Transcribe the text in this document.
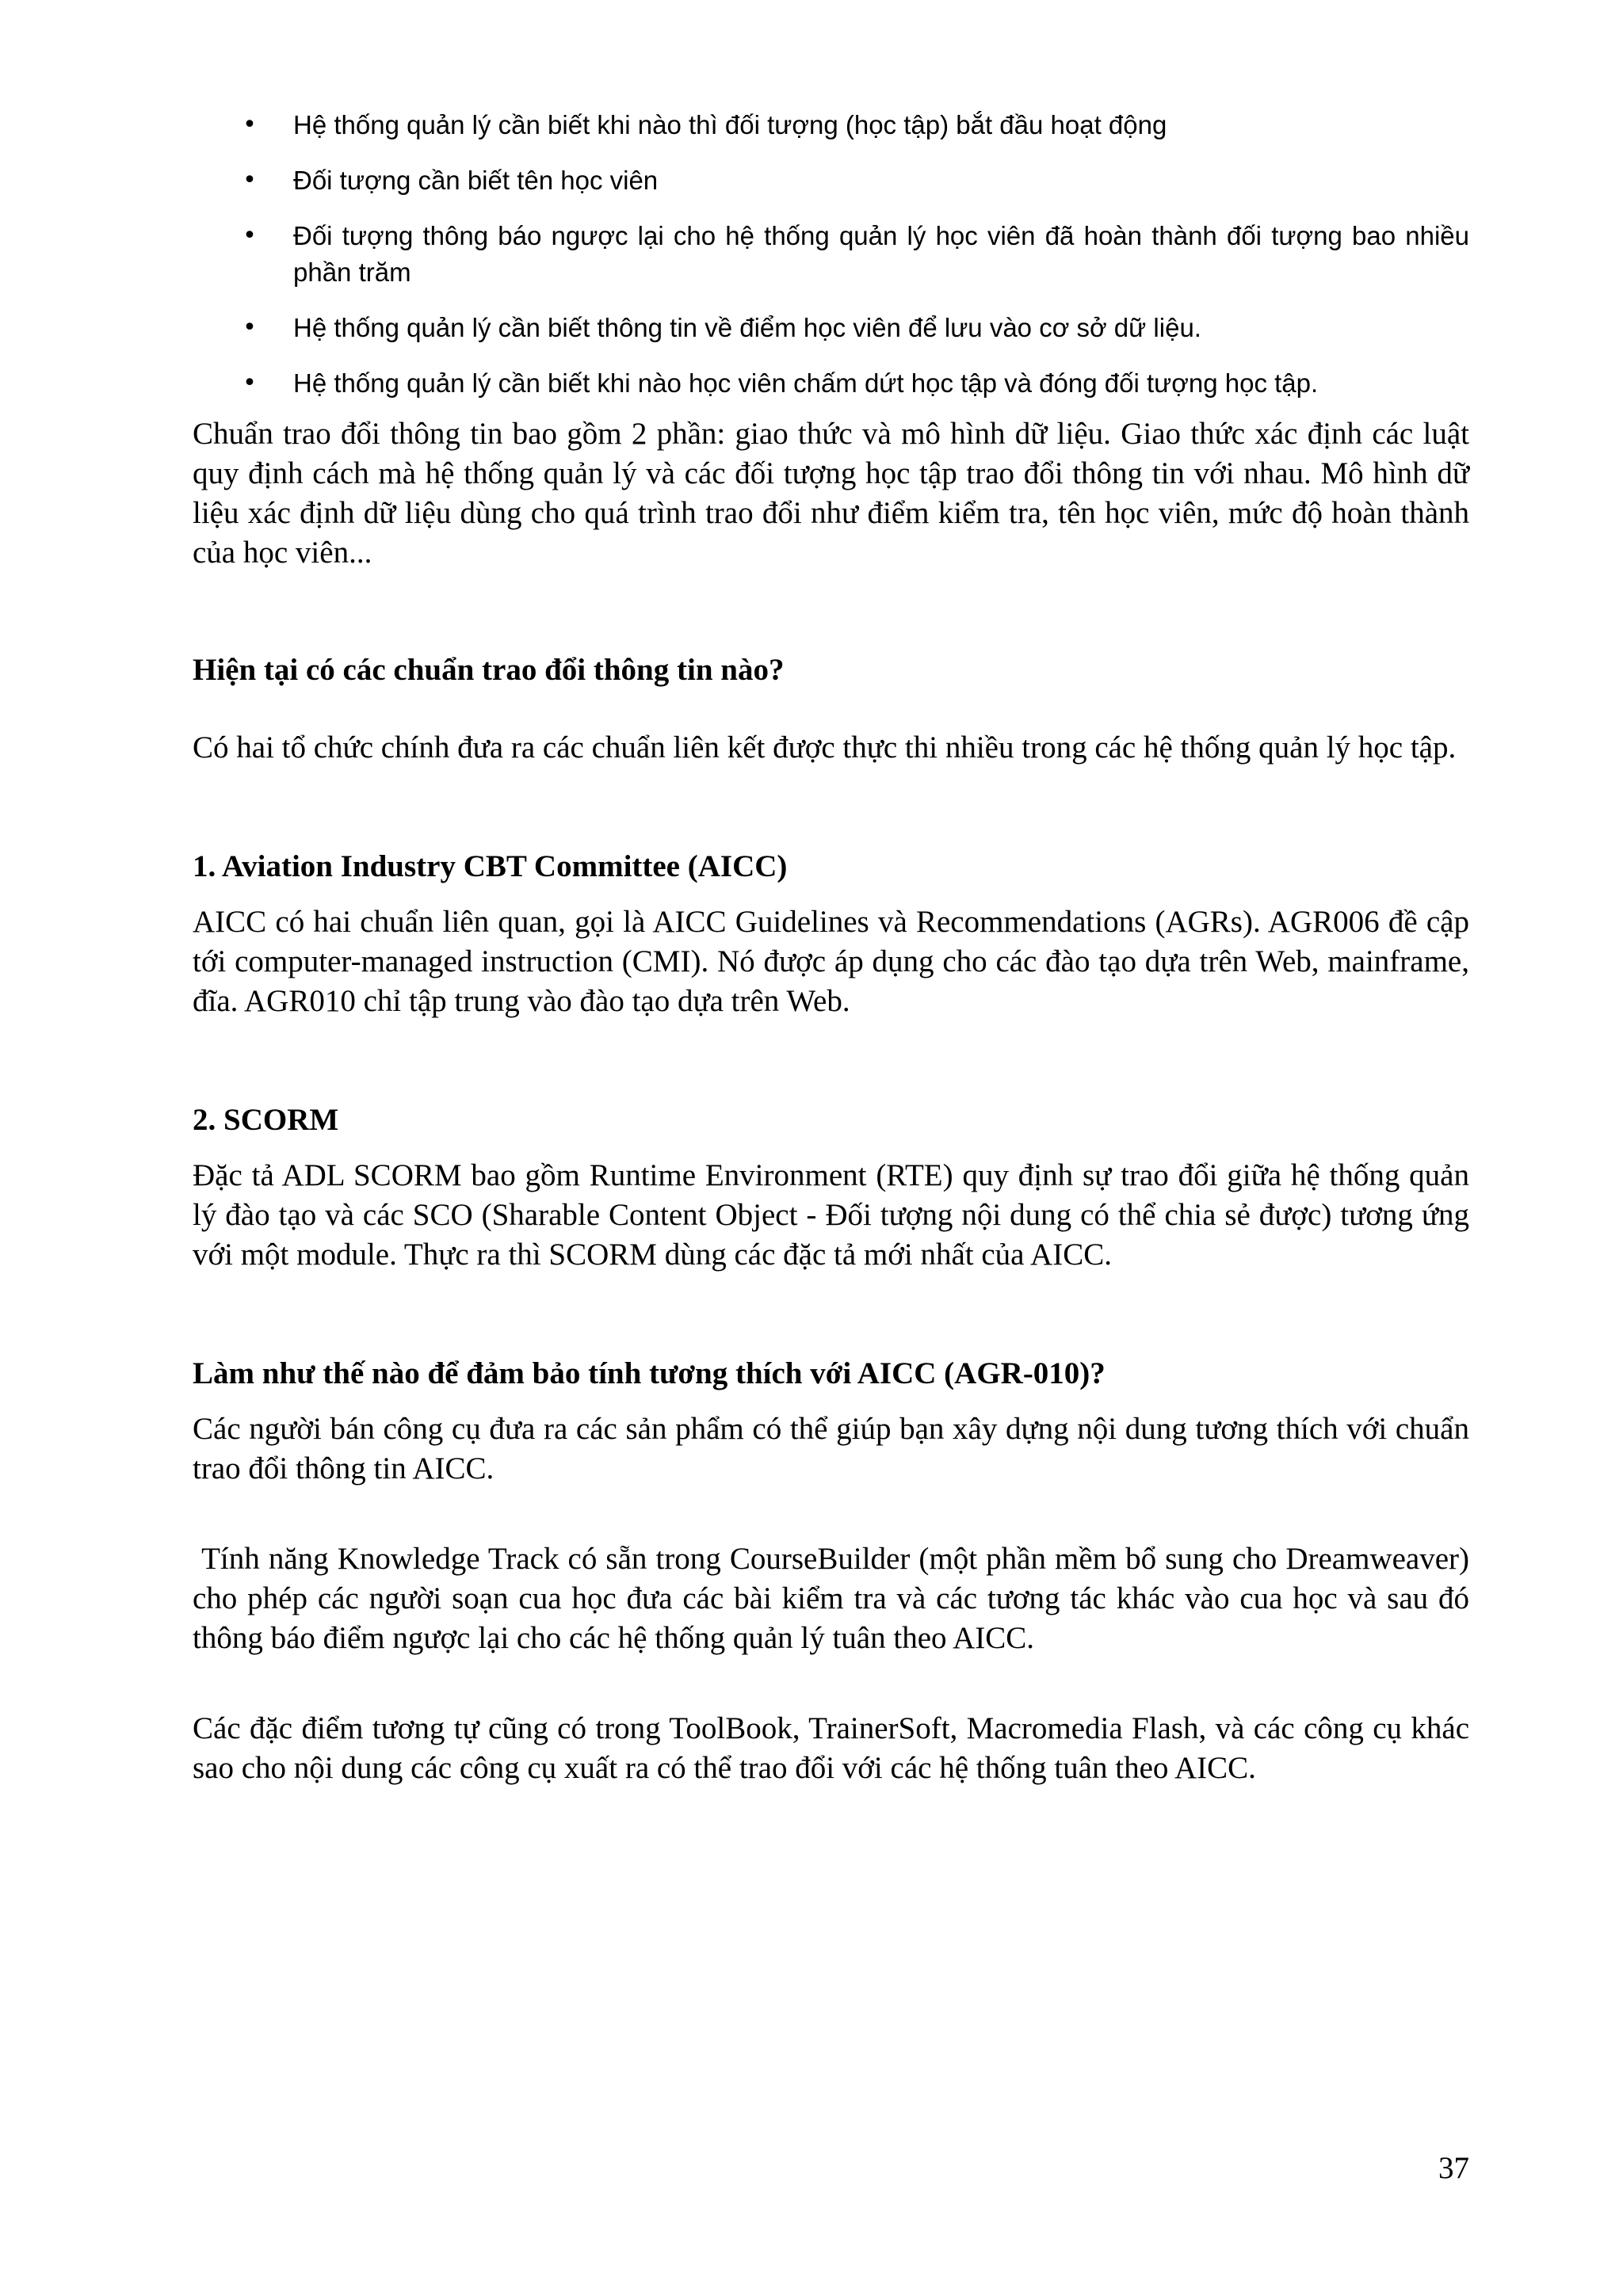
• Hệ thống quản lý cần biết khi nào thì đối tượng (học tập) bắt đầu hoạt động
• Đối tượng cần biết tên học viên
• Đối tượng thông báo ngược lại cho hệ thống quản lý học viên đã hoàn thành đối tượng bao nhiều phần trăm
• Hệ thống quản lý cần biết thông tin về điểm học viên để lưu vào cơ sở dữ liệu.
• Hệ thống quản lý cần biết khi nào học viên chấm dứt học tập và đóng đối tượng học tập.

Chuẩn trao đổi thông tin bao gồm 2 phần: giao thức và mô hình dữ liệu. Giao thức xác định các luật quy định cách mà hệ thống quản lý và các đối tượng học tập trao đổi thông tin với nhau. Mô hình dữ liệu xác định dữ liệu dùng cho quá trình trao đổi như điểm kiểm tra, tên học viên, mức độ hoàn thành của học viên...

Hiện tại có các chuẩn trao đổi thông tin nào?

Có hai tổ chức chính đưa ra các chuẩn liên kết được thực thi nhiều trong các hệ thống quản lý học tập.

1. Aviation Industry CBT Committee (AICC)

AICC có hai chuẩn liên quan, gọi là AICC Guidelines và Recommendations (AGRs). AGR006 đề cập tới computer-managed instruction (CMI). Nó được áp dụng cho các đào tạo dựa trên Web, mainframe, đĩa. AGR010 chỉ tập trung vào đào tạo dựa trên Web.

2. SCORM

Đặc tả ADL SCORM bao gồm Runtime Environment (RTE) quy định sự trao đổi giữa hệ thống quản lý đào tạo và các SCO (Sharable Content Object - Đối tượng nội dung có thể chia sẻ được) tương ứng với một module. Thực ra thì SCORM dùng các đặc tả mới nhất của AICC.

Làm như thế nào để đảm bảo tính tương thích với AICC (AGR-010)?

Các người bán công cụ đưa ra các sản phẩm có thể giúp bạn xây dựng nội dung tương thích với chuẩn trao đổi thông tin AICC.

Tính năng Knowledge Track có sẵn trong CourseBuilder (một phần mềm bổ sung cho Dreamweaver) cho phép các người soạn cua học đưa các bài kiểm tra và các tương tác khác vào cua học và sau đó thông báo điểm ngược lại cho các hệ thống quản lý tuân theo AICC.

Các đặc điểm tương tự cũng có trong ToolBook, TrainerSoft, Macromedia Flash, và các công cụ khác sao cho nội dung các công cụ xuất ra có thể trao đổi với các hệ thống tuân theo AICC.

37
